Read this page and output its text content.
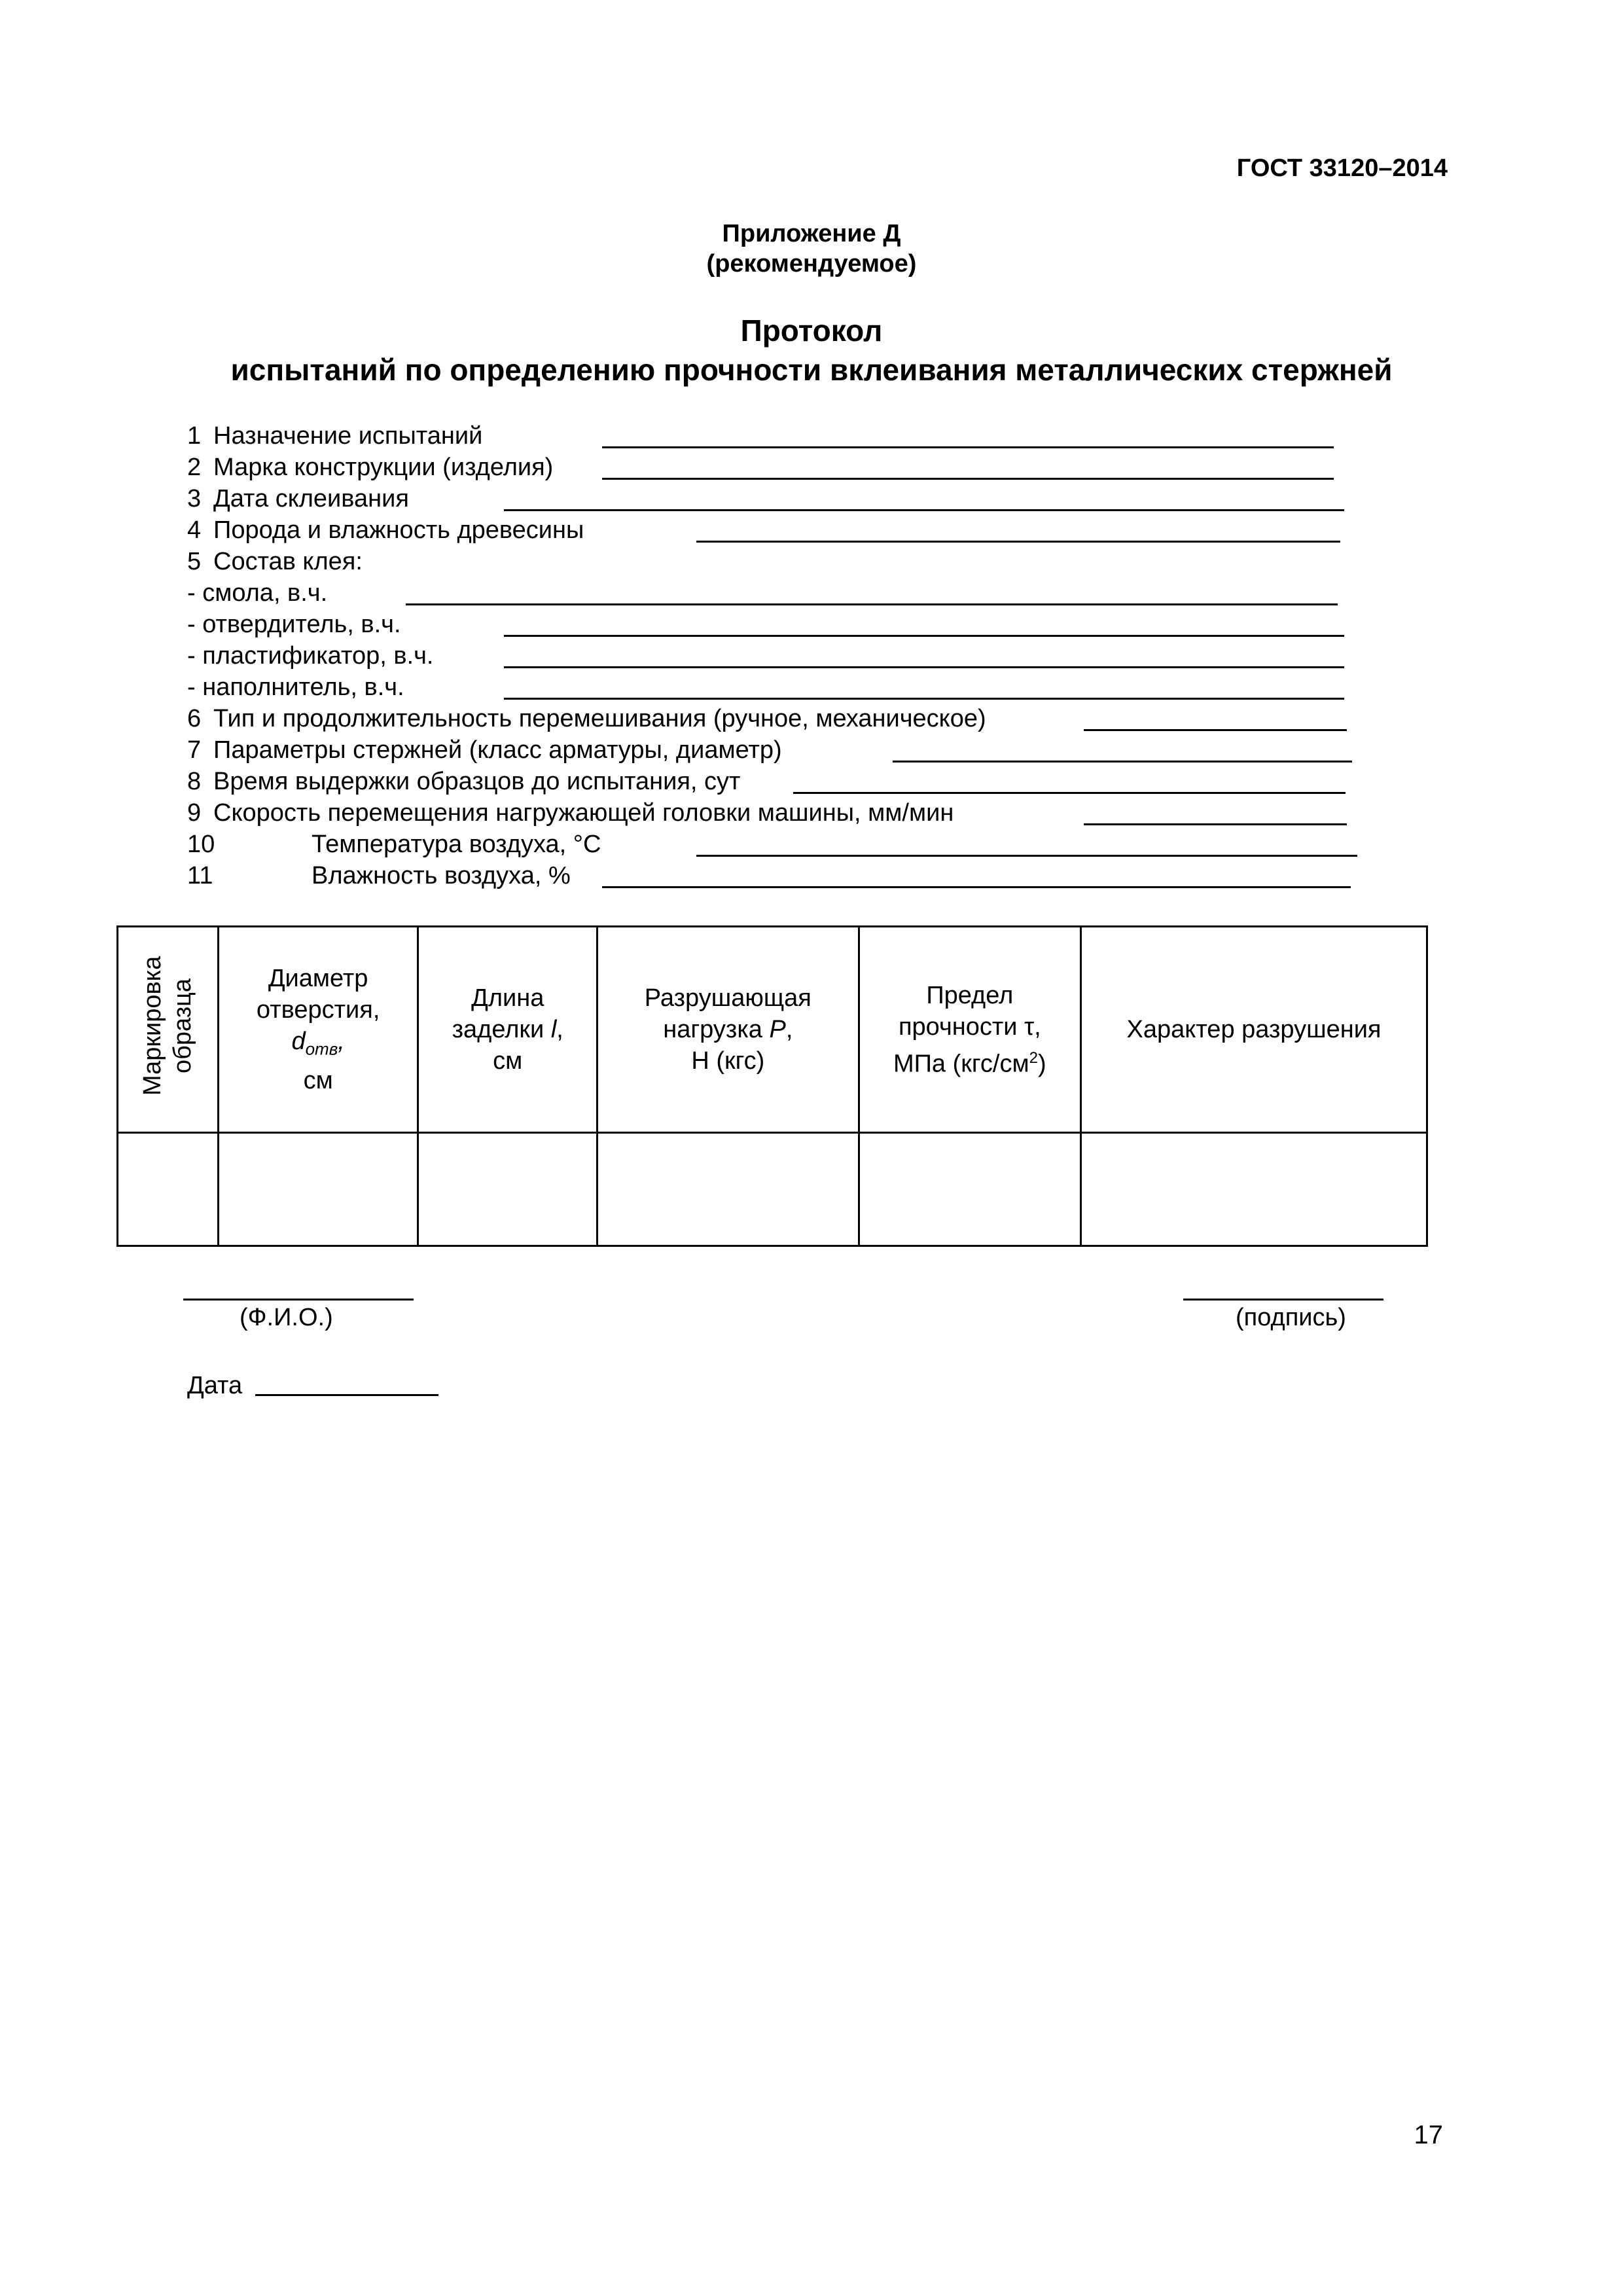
ГОСТ 33120–2014
Приложение Д
(рекомендуемое)
Протокол
испытаний по определению прочности вклеивания металлических стержней
1 Назначение испытаний
2 Марка конструкции (изделия)
3 Дата склеивания
4 Порода и влажность древесины
5 Состав клея:
- смола, в.ч.
- отвердитель, в.ч.
- пластификатор, в.ч.
- наполнитель, в.ч.
6 Тип и продолжительность перемешивания (ручное, механическое)
7 Параметры стержней (класс арматуры, диаметр)
8 Время выдержки образцов до испытания, сут
9 Скорость перемещения нагружающей головки машины, мм/мин
10	Температура воздуха, °C
11	Влажность воздуха, %
Маркировка образца	Диаметр
отверстия,
$d_{отв}$,
см	Длина
заделки l,
см	Разрушающая
нагрузка P,
Н (кгс)	Предел
прочности τ,
МПа $(кгс/см^2)$	Характер разрушения

(Ф.И.О.)	(подпись)
Дата
17
